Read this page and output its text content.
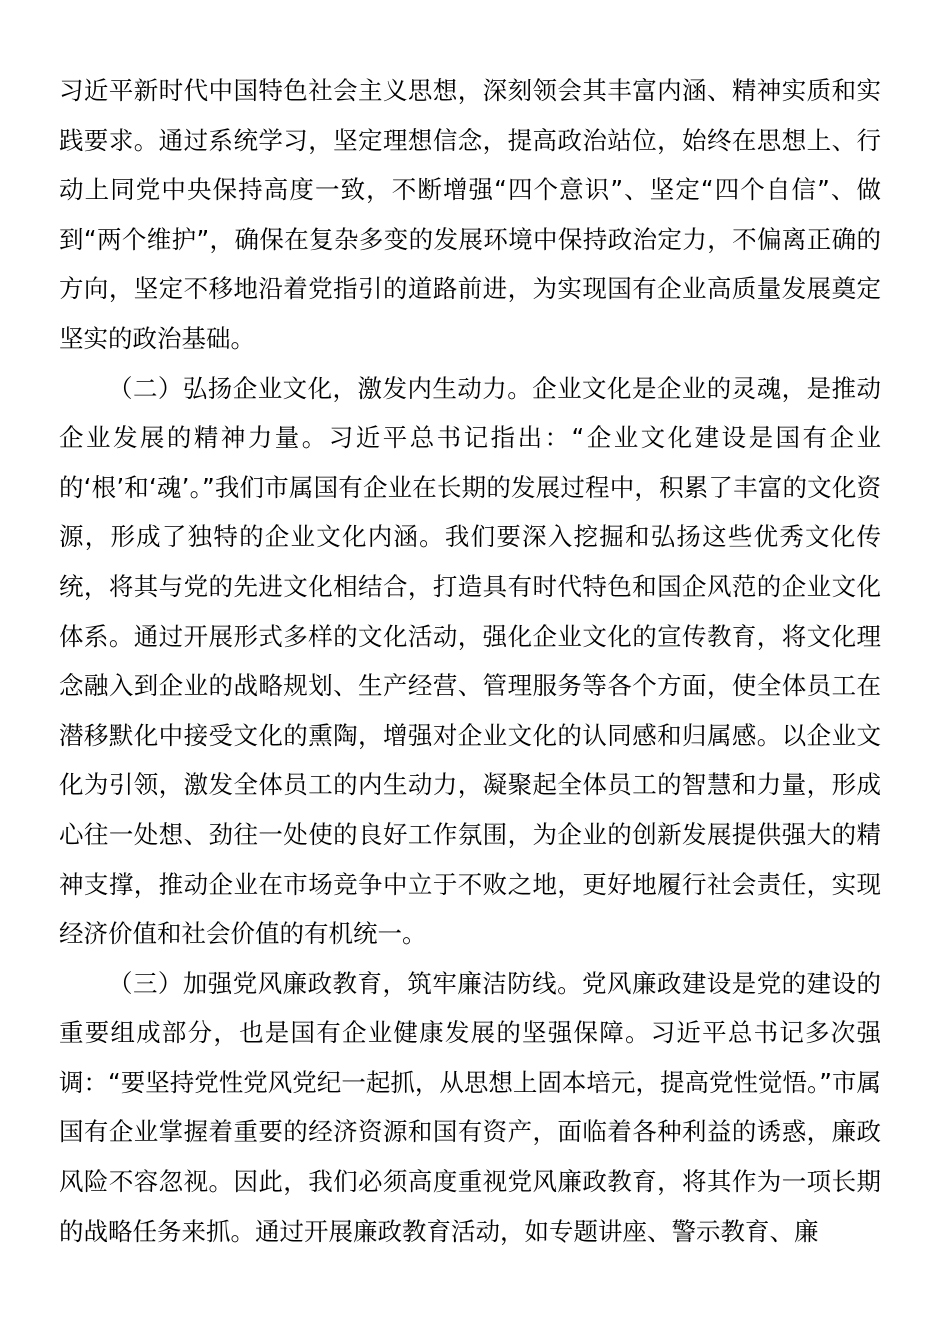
习近平新时代中国特色社会主义思想，深刻领会其丰富内涵、精神实质和实践要求。通过系统学习，坚定理想信念，提高政治站位，始终在思想上、行动上同党中央保持高度一致，不断增强“四个意识”、坚定“四个自信”、做到“两个维护”，确保在复杂多变的发展环境中保持政治定力，不偏离正确的方向，坚定不移地沿着党指引的道路前进，为实现国有企业高质量发展奠定坚实的政治基础。

（二）弘扬企业文化，激发内生动力。企业文化是企业的灵魂，是推动企业发展的精神力量。习近平总书记指出：“企业文化建设是国有企业的‘根’和‘魂’。”我们市属国有企业在长期的发展过程中，积累了丰富的文化资源，形成了独特的企业文化内涵。我们要深入挖掘和弘扬这些优秀文化传统，将其与党的先进文化相结合，打造具有时代特色和国企风范的企业文化体系。通过开展形式多样的文化活动，强化企业文化的宣传教育，将文化理念融入到企业的战略规划、生产经营、管理服务等各个方面，使全体员工在潜移默化中接受文化的熏陶，增强对企业文化的认同感和归属感。以企业文化为引领，激发全体员工的内生动力，凝聚起全体员工的智慧和力量，形成心往一处想、劲往一处使的良好工作氛围，为企业的创新发展提供强大的精神支撑，推动企业在市场竞争中立于不败之地，更好地履行社会责任，实现经济价值和社会价值的有机统一。

（三）加强党风廉政教育，筑牢廉洁防线。党风廉政建设是党的建设的重要组成部分，也是国有企业健康发展的坚强保障。习近平总书记多次强调：“要坚持党性党风党纪一起抓，从思想上固本培元，提高党性觉悟。”市属国有企业掌握着重要的经济资源和国有资产，面临着各种利益的诱惑，廉政风险不容忽视。因此，我们必须高度重视党风廉政教育，将其作为一项长期的战略任务来抓。通过开展廉政教育活动，如专题讲座、警示教育、廉
